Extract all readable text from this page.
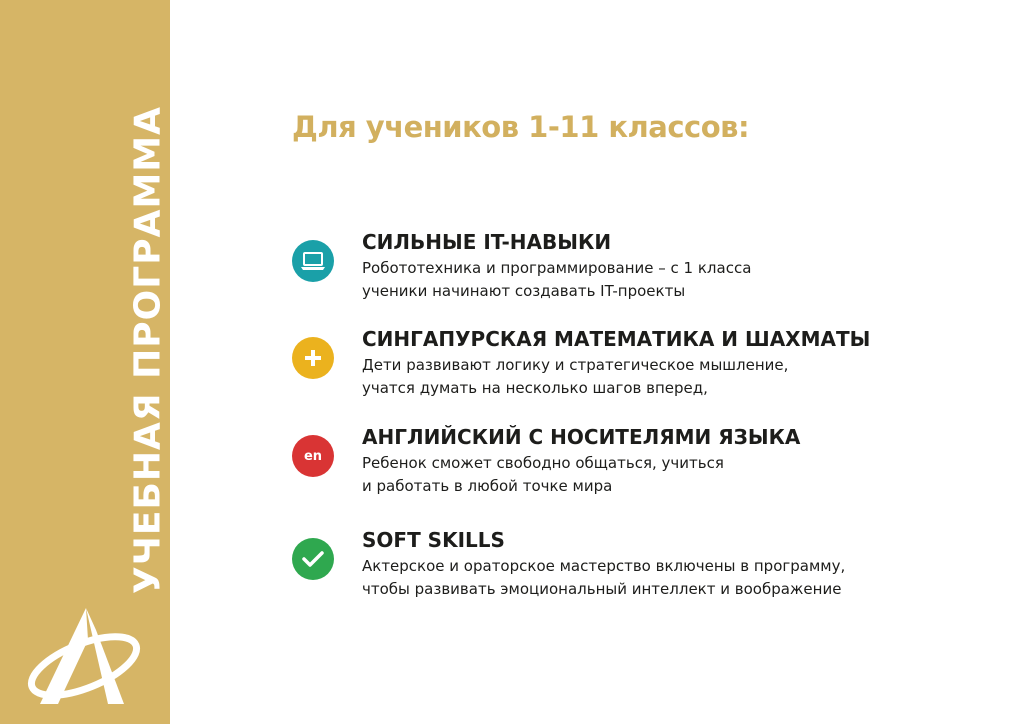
УЧЕБНАЯ ПРОГРАММА	Для учеников 1-11 классов:
СИЛЬНЫЕ IT-НАВЫКИ
Робототехника и программирование – с 1 класса
ученики начинают создавать IT-проекты
СИНГАПУРСКАЯ МАТЕМАТИКА И ШАХМАТЫ
Дети развивают логику и стратегическое мышление,
учатся думать на несколько шагов вперед,
en
АНГЛИЙСКИЙ С НОСИТЕЛЯМИ ЯЗЫКА
Ребенок сможет свободно общаться, учиться
и работать в любой точке мира
SOFT SKILLS
Актерское и ораторское мастерство включены в программу,
чтобы развивать эмоциональный интеллект и воображение
